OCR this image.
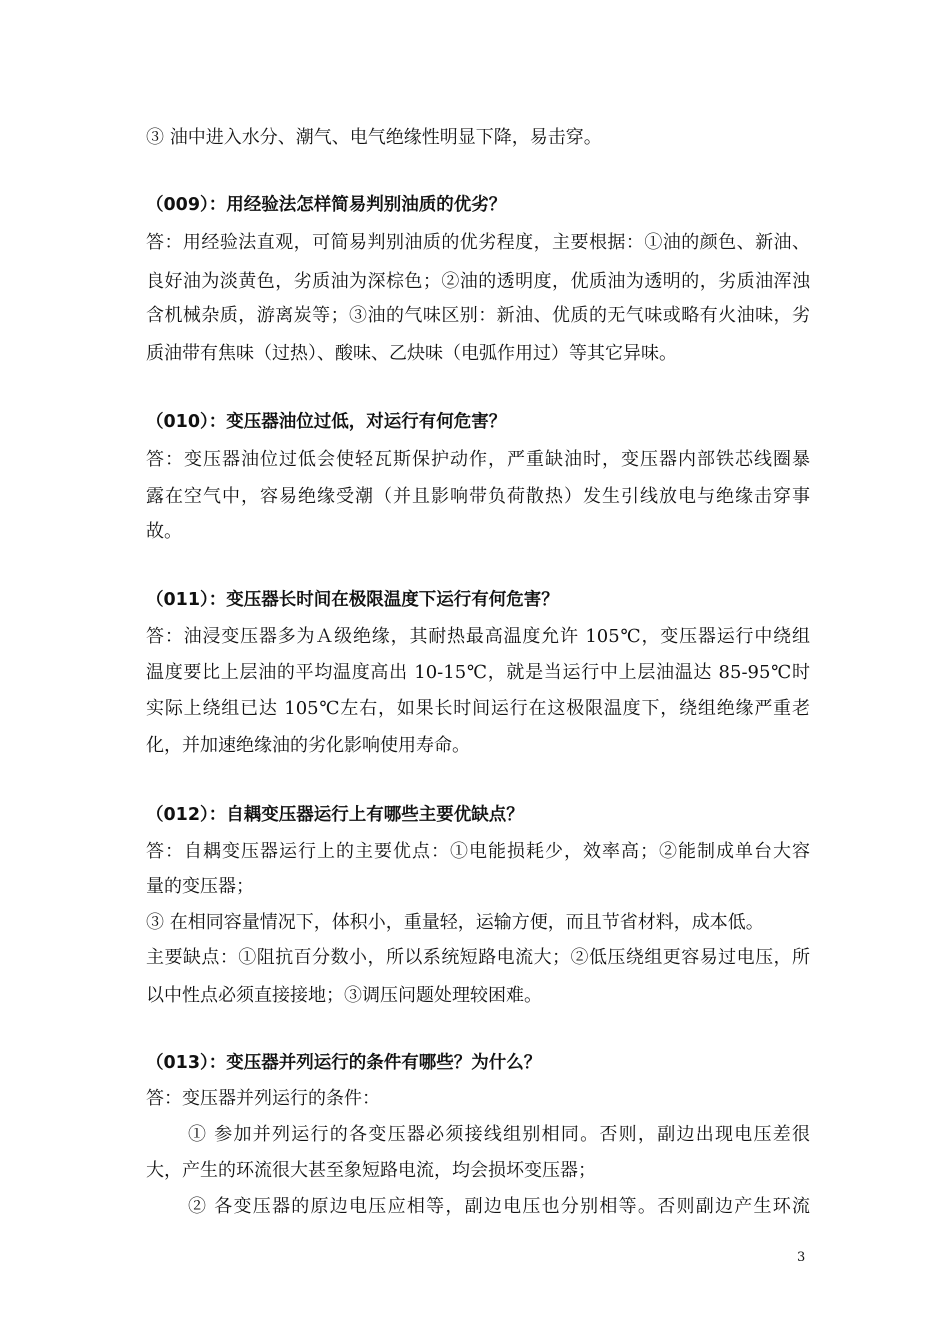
③ 油中进入水分、潮气、电气绝缘性明显下降，易击穿。
（009）：用经验法怎样简易判别油质的优劣？
答：用经验法直观，可简易判别油质的优劣程度，主要根据：①油的颜色、新油、
良好油为淡黄色，劣质油为深棕色；②油的透明度，优质油为透明的，劣质油浑浊
含机械杂质，游离炭等；③油的气味区别：新油、优质的无气味或略有火油味，劣
质油带有焦味（过热）、酸味、乙炔味（电弧作用过）等其它异味。
（010）：变压器油位过低，对运行有何危害？
答：变压器油位过低会使轻瓦斯保护动作，严重缺油时，变压器内部铁芯线圈暴
露在空气中，容易绝缘受潮（并且影响带负荷散热）发生引线放电与绝缘击穿事
故。
（011）：变压器长时间在极限温度下运行有何危害？
答：油浸变压器多为Ａ级绝缘，其耐热最高温度允许 105℃，变压器运行中绕组
温度要比上层油的平均温度高出 10-15℃，就是当运行中上层油温达 85-95℃时
实际上绕组已达 105℃左右，如果长时间运行在这极限温度下，绕组绝缘严重老
化，并加速绝缘油的劣化影响使用寿命。
（012）：自耦变压器运行上有哪些主要优缺点？
答：自耦变压器运行上的主要优点：①电能损耗少，效率高；②能制成单台大容
量的变压器；
③ 在相同容量情况下，体积小，重量轻，运输方便，而且节省材料，成本低。
主要缺点：①阻抗百分数小，所以系统短路电流大；②低压绕组更容易过电压，所
以中性点必须直接接地；③调压问题处理较困难。
（013）：变压器并列运行的条件有哪些？为什么？
答：变压器并列运行的条件：
① 参加并列运行的各变压器必须接线组别相同。否则，副边出现电压差很
大，产生的环流很大甚至象短路电流，均会损坏变压器；
② 各变压器的原边电压应相等，副边电压也分别相等。否则副边产生环流
3
